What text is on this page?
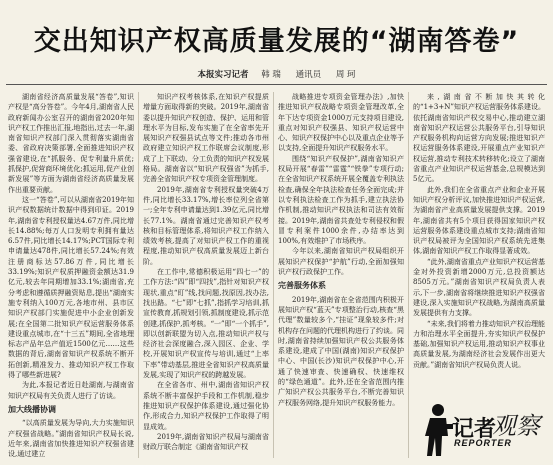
交出知识产权高质量发展的“湖南答卷”
本报实习记者 韩 瑞 通讯员 周 珂

湖南省经济高质量发展“答卷”,知识产权是“高分答卷”。今年4月,湖南省人民政府新闻办公室召开的湖南省2020年知识产权工作推出汇报,地指出,过去一年,湖南省知识产权部门深入贯彻落实湖南省委、省政府决策部署,全面推进知识产权强省建设,在“抓服务、促专利量升质优;抓保护,促营商环境优化;抓运用,促产业创新发展”等方面为湖南省经济高质量发展作出重要贡献。

这一“答卷”,可以从湖南省2019年知识产权数据统计数据中得到印证。2019年,湖南省专利授权量达4.67万件,同比增长14.88%;每万人口发明专利拥有量达6.57件,同比增长14.17%;PCT国际专利申请量达478件,同比增长57.24%;有效注册商标达57.86万件,同比增长33.19%;知识产权质押融资金额达31.9亿元,较去年同期增加33.1%;湖南省,充分考虑和遵循质押融资贴息,提出“湖南实施专利纳入100万元,各地市州、县市区知识产权部门实施促进中小企业创新发展;在全国第二批知识产权运营服务体系建设重点城市,在“十三五”期间,全省地理标志产品年总产值近1500亿元……这些数据的背后,湖南省知识产权系统不断开拓创新,精准发力、推动知识产权工作取得了哪些新进展?

为此,本报记者近日赴湖南,与湖南省知识产权局有关负责人进行了访谈。

加大线播协调

“以高质量发展为导向,大力实施知识产权强省战略。”湖南省知识产权局长说,近年来,湖南省加快推进知识产权强省建设,通过建立

知识产权考核体系,在知识产权提质增量方面取得新的突破。2019年,湖南省委以提升知识产权创造、保护、运用和管理水平为目标,发布实施了在全省率先开展知识产权强县试点等文件;推动各市州政府建立知识产权工作联席会议制度,形成了上下联动、分工负责的知识产权发展格局。湖南省以“知识产权强省”为抓手,完善全省知识产权专项资金管理制度。

2019年,湖南省专利授权量突破4万件,同比增长33.17%,增长率位列全省第一;全年专利申请量达到1.39亿元,同比增长77.1%。湖南省通过完善知识产权考核和目标管理体系,将知识产权工作纳入绩效考核,提高了对知识产权工作的重视程度,推动知识产权高质量发展迈上新台阶。

在工作中,常德积极运用“四七一”的工作方法:“四”即“四找”,指针对知识产权现状,重点“盯”线,找问题,找原因,找办法,找出路。“七”即“七抓”,指抓学习培训,抓宣传教育,抓规划引领,抓制度建设,抓示范创建,抓保护,抓考核。“一”即“一个抓手”,即以创新联盟为切入点,推动知识产权与经济社会深度融合,深入园区、企业、学校,开展知识产权宣传与培训,通过“上率下率”带动基层,推进全省知识产权高质量发展,实现了知识产权的跨越发展。

在全省各市、州中,湖南省知识产权系统不断丰富保护手段和工作机制,稳步推进知识产权保护体系建设,通过强化协作,形成合力,知识产权保护工作取得了明显成效。

2019年,湖南省知识产权局与湖南省财政厅联合制定《湖南省知识产权

战略推进专项资金管理办法》,加快推进知识产权战略专项资金管理改革,全年下达专项资金1000万元支持项目建设,重点对知识产权强县、知识产权运营中心、知识产权保护中心以及重点企业等予以支持,全面提升知识产权服务水平。

围绕“知识产权保护”,湖南省知识产权局开展“春雷”“雷霆”“铁拳”专项行动;在全省知识产权系统开展全覆盖专利执法检查,确保全年执法检查任务全面完成;并以专利执法检查工作为抓手,建立执法协作机制,推动知识产权执法和司法有效衔接。2019年,湖南省共查处专利侵权和假冒专利案件1000余件,办结率达到100%,有效维护了市场秩序。

今年以来,湖南省知识产权局组织开展知识产权保护“护航”行动,全面加强知识产权行政保护工作。

完善服务体系

2019年,湖南省在全省范围内积极开展知识产权“蓝天”专项整治行动,核查“黑代理”数量较多个,“挂证”现象较多件;对机构存在问题的代理机构进行了约谈。同时,湖南省持续加强知识产权公共服务体系建设,建成了中国(湖南)知识产权保护中心、中国(长沙)知识产权保护中心,开通了快速审查、快速确权、快速维权的“绿色通道”。此外,还在全省范围内推广知识产权公共服务平台,不断完善知识产权服务网络,提升知识产权服务能力。

来,湖南省不断加快其转化的“1+3+N”知识产权运营服务体系建设。依托湖南省知识产权交易中心,推动建立湖南省知识产权运营公共服务平台,引导知识产权服务机构向运营方向发展;推进知识产权运营服务体系建设,开展重点产业知识产权运营,推动专利技术转移转化;设立了湖南省重点产业知识产权运营基金,总规模达到5亿元。

此外,我们在全省重点产业和企业开展知识产权分析评议,加快推进知识产权运营,为湖南省产业高质量发展提供支撑。2019年,湖南省共有5个项目获得国家知识产权运营服务体系建设重点城市支持;湖南省知识产权局被评为全国知识产权系统先进集体,湖南省知识产权工作取得显著成效。

“此外,湖南省重点产业知识产权运营基金对外投资新增2000万元,总投资额达8505万元。”湖南省知识产权局负责人表示,下一步,湖南省将继续推进知识产权强省建设,深入实施知识产权战略,为湖南高质量发展提供有力支撑。

“未来,我们将着力推动知识产权治理能力和治理水平全面提升,夯实知识产权保护基础,加强知识产权运用,推动知识产权事业高质量发展,为湖南经济社会发展作出更大贡献。”湖南省知识产权局负责人说。

记者
观察
REPORTER
